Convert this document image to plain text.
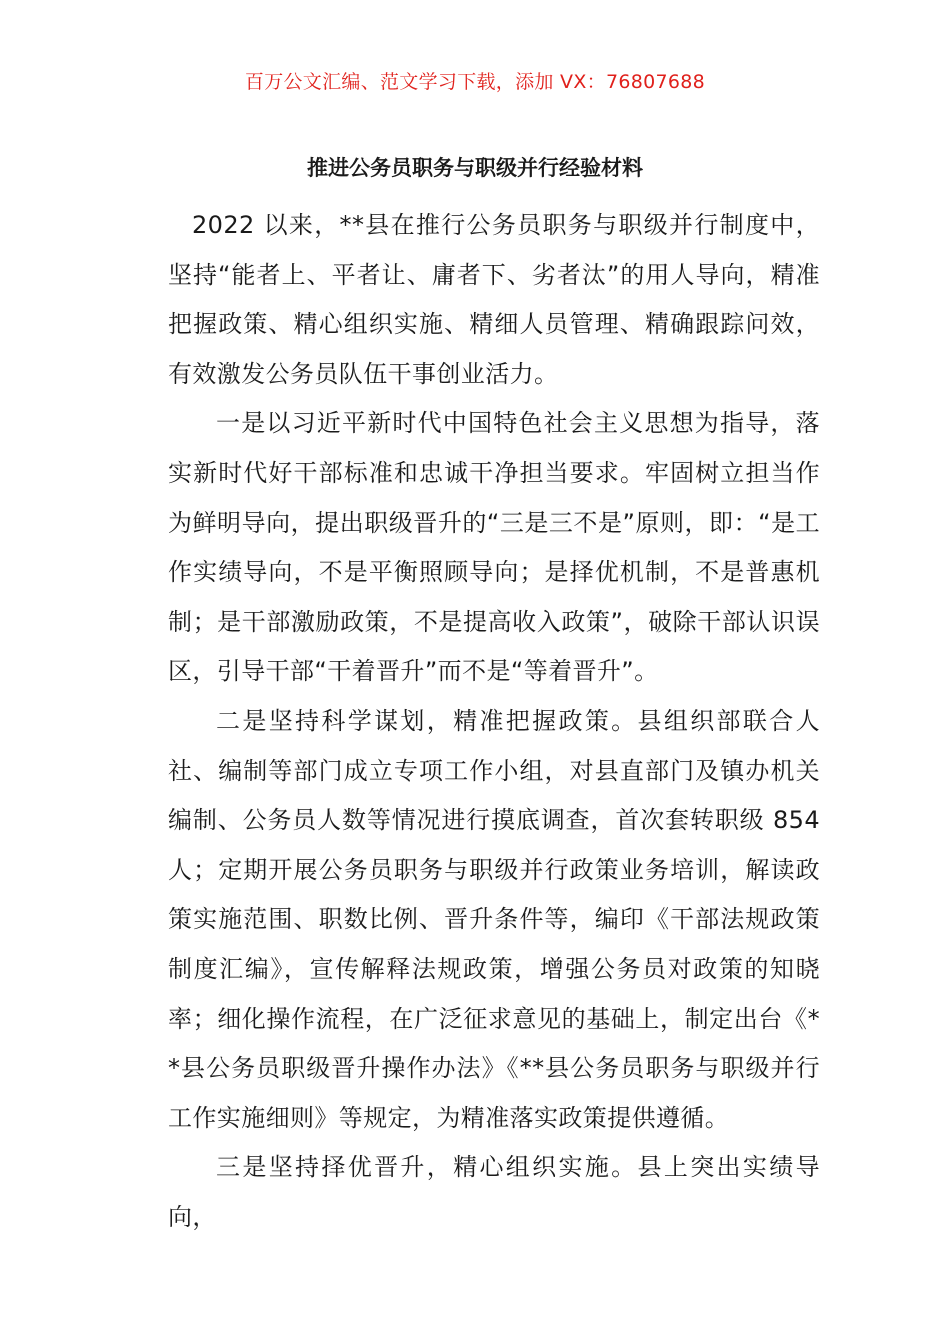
百万公文汇编、范文学习下载，添加 VX：76807688
推进公务员职务与职级并行经验材料

2022 以来，**县在推行公务员职务与职级并行制度中，坚持“能者上、平者让、庸者下、劣者汰”的用人导向，精准把握政策、精心组织实施、精细人员管理、精确跟踪问效，有效激发公务员队伍干事创业活力。

一是以习近平新时代中国特色社会主义思想为指导，落实新时代好干部标准和忠诚干净担当要求。牢固树立担当作为鲜明导向，提出职级晋升的“三是三不是”原则，即：“是工作实绩导向，不是平衡照顾导向；是择优机制，不是普惠机制；是干部激励政策，不是提高收入政策”，破除干部认识误区，引导干部“干着晋升”而不是“等着晋升”。

二是坚持科学谋划，精准把握政策。县组织部联合人社、编制等部门成立专项工作小组，对县直部门及镇办机关编制、公务员人数等情况进行摸底调查，首次套转职级 854 人；定期开展公务员职务与职级并行政策业务培训，解读政策实施范围、职数比例、晋升条件等，编印《干部法规政策制度汇编》，宣传解释法规政策，增强公务员对政策的知晓率；细化操作流程，在广泛征求意见的基础上，制定出台《**县公务员职级晋升操作办法》《**县公务员职务与职级并行工作实施细则》等规定，为精准落实政策提供遵循。

三是坚持择优晋升，精心组织实施。县上突出实绩导向，
